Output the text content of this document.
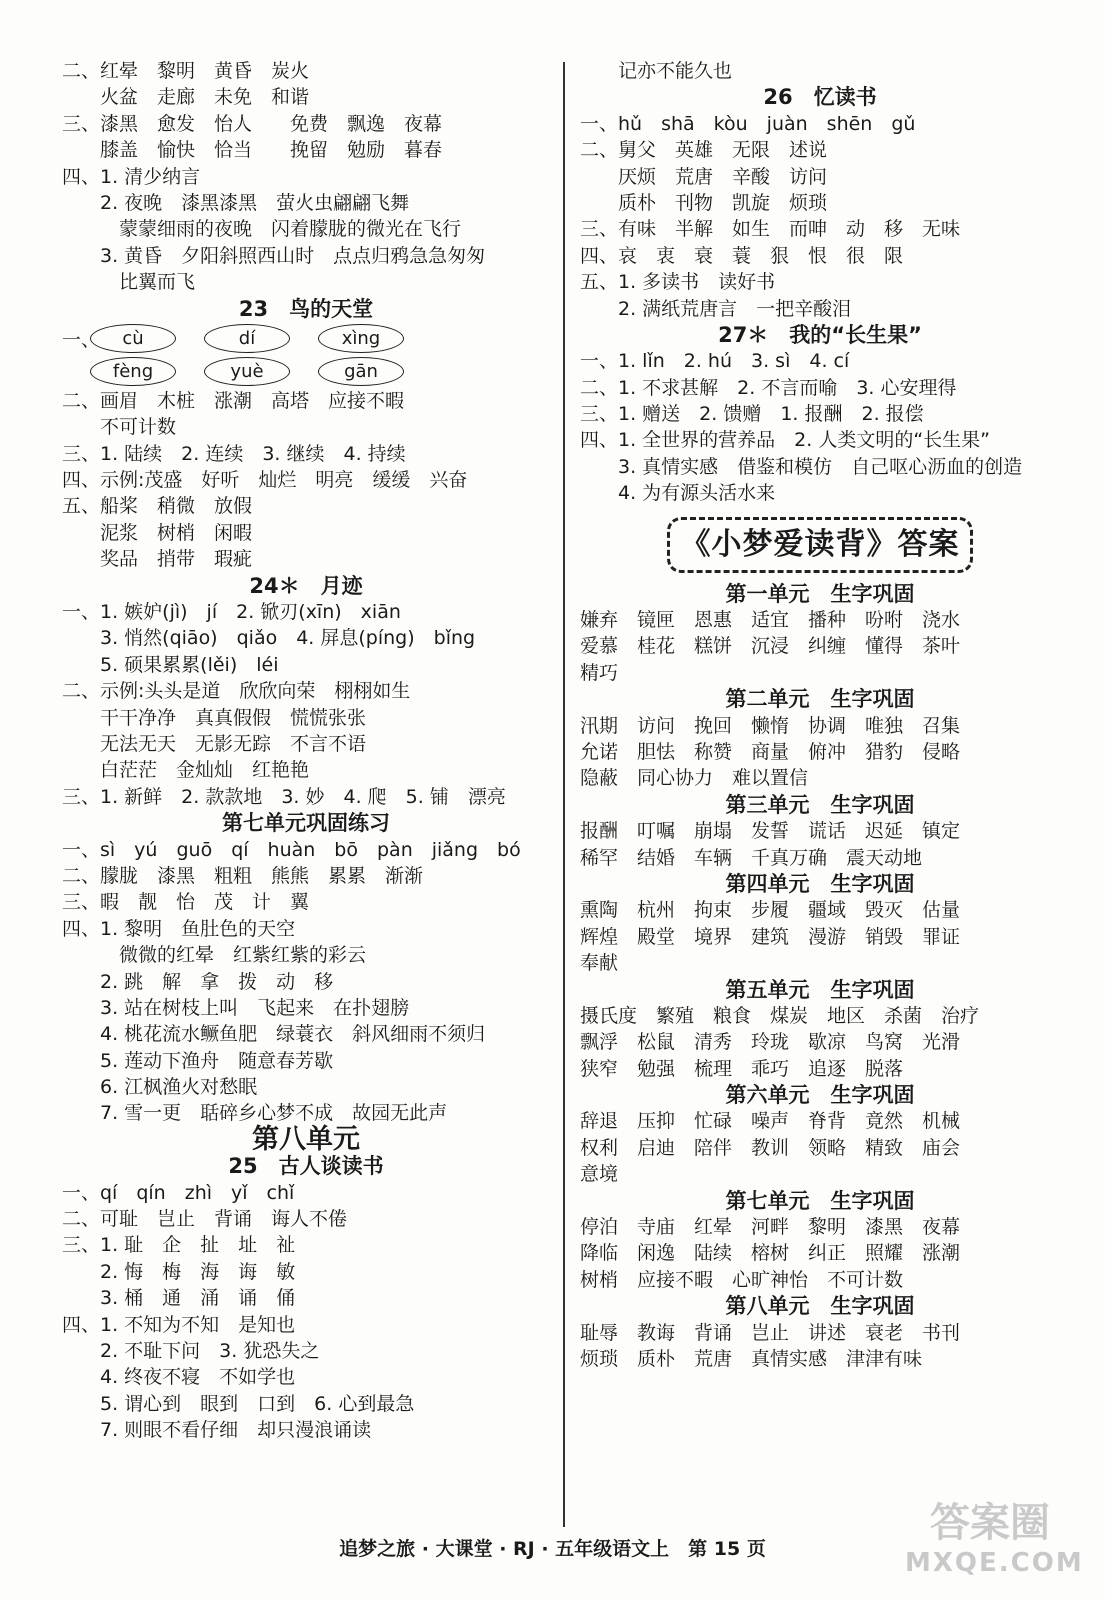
二、红晕　黎明　黄昏　炭火
　　火盆　走廊　未免　和谐
三、漆黑　愈发　怡人　　免费　飘逸　夜幕
　　膝盖　愉快　恰当　　挽留　勉励　暮春
四、1. 清少纳言
　　2. 夜晚　漆黑漆黑　萤火虫翩翩飞舞
　　　蒙蒙细雨的夜晚　闪着朦胧的微光在飞行
　　3. 黄昏　夕阳斜照西山时　点点归鸦急急匆匆
　　　比翼而飞
23　鸟的天堂
一、	cù	dí	xìng
fèng	yuè	gān
二、画眉　木桩　涨潮　高塔　应接不暇
　　不可计数
三、1. 陆续　2. 连续　3. 继续　4. 持续
四、示例:茂盛　好听　灿烂　明亮　缓缓　兴奋
五、船桨　稍微　放假
　　泥浆　树梢　闲暇
　　奖品　捎带　瑕疵
24＊　月迹
一、1. 嫉妒(jì)　jí　2. 锨刃(xīn)　xiān
　　3. 悄然(qiāo)　qiǎo　4. 屏息(píng)　bǐng
　　5. 硕果累累(lěi)　léi
二、示例:头头是道　欣欣向荣　栩栩如生
　　干干净净　真真假假　慌慌张张
　　无法无天　无影无踪　不言不语
　　白茫茫　金灿灿　红艳艳
三、1. 新鲜　2. 款款地　3. 妙　4. 爬　5. 铺　漂亮
第七单元巩固练习
一、sì　yú　guō　qí　huàn　bō　pàn　jiǎng　bó
二、朦胧　漆黑　粗粗　熊熊　累累　渐渐
三、暇　靓　怡　茂　计　翼
四、1. 黎明　鱼肚色的天空
　　　微微的红晕　红紫红紫的彩云
　　2. 跳　解　拿　拨　动　移
　　3. 站在树枝上叫　飞起来　在扑翅膀
　　4. 桃花流水鳜鱼肥　绿蓑衣　斜风细雨不须归
　　5. 莲动下渔舟　随意春芳歇
　　6. 江枫渔火对愁眠
　　7. 雪一更　聒碎乡心梦不成　故园无此声
第八单元
25　古人谈读书
一、qí　qín　zhì　yǐ　chǐ
二、可耻　岂止　背诵　诲人不倦
三、1. 耻　企　扯　址　祉
　　2. 悔　梅　海　诲　敏
　　3. 桶　通　涌　诵　俑
四、1. 不知为不知　是知也
　　2. 不耻下问　3. 犹恐失之
　　4. 终夜不寝　不如学也
　　5. 谓心到　眼到　口到　6. 心到最急
　　7. 则眼不看仔细　却只漫浪诵读
　　记亦不能久也
26　忆读书
一、hǔ　shā　kòu　juàn　shēn　gǔ
二、舅父　英雄　无限　述说
　　厌烦　荒唐　辛酸　访问
　　质朴　刊物　凯旋　烦琐
三、有味　半解　如生　而呻　动　移　无味
四、哀　衷　衰　蓑　狠　恨　很　限
五、1. 多读书　读好书
　　2. 满纸荒唐言　一把辛酸泪
27＊　我的“长生果”
一、1. lǐn　2. hú　3. sì　4. cí
二、1. 不求甚解　2. 不言而喻　3. 心安理得
三、1. 赠送　2. 馈赠　1. 报酬　2. 报偿
四、1. 全世界的营养品　2. 人类文明的“长生果”
　　3. 真情实感　借鉴和模仿　自己呕心沥血的创造
　　4. 为有源头活水来
《小梦爱读背》答案
第一单元　生字巩固
嫌弃　镜匣　恩惠　适宜　播种　吩咐　浇水
爱慕　桂花　糕饼　沉浸　纠缠　懂得　茶叶
精巧
第二单元　生字巩固
汛期　访问　挽回　懒惰　协调　唯独　召集
允诺　胆怯　称赞　商量　俯冲　猎豹　侵略
隐蔽　同心协力　难以置信
第三单元　生字巩固
报酬　叮嘱　崩塌　发誓　谎话　迟延　镇定
稀罕　结婚　车辆　千真万确　震天动地
第四单元　生字巩固
熏陶　杭州　拘束　步履　疆域　毁灭　估量
辉煌　殿堂　境界　建筑　漫游　销毁　罪证
奉献
第五单元　生字巩固
摄氏度　繁殖　粮食　煤炭　地区　杀菌　治疗
飘浮　松鼠　清秀　玲珑　歇凉　鸟窝　光滑
狭窄　勉强　梳理　乖巧　追逐　脱落
第六单元　生字巩固
辞退　压抑　忙碌　噪声　脊背　竟然　机械
权利　启迪　陪伴　教训　领略　精致　庙会
意境
第七单元　生字巩固
停泊　寺庙　红晕　河畔　黎明　漆黑　夜幕
降临　闲逸　陆续　榕树　纠正　照耀　涨潮
树梢　应接不暇　心旷神怡　不可计数
第八单元　生字巩固
耻辱　教诲　背诵　岂止　讲述　衰老　书刊
烦琐　质朴　荒唐　真情实感　津津有味
追梦之旅 · 大课堂 · RJ · 五年级语文上　第 15 页
答案圈
MXQE.COM
